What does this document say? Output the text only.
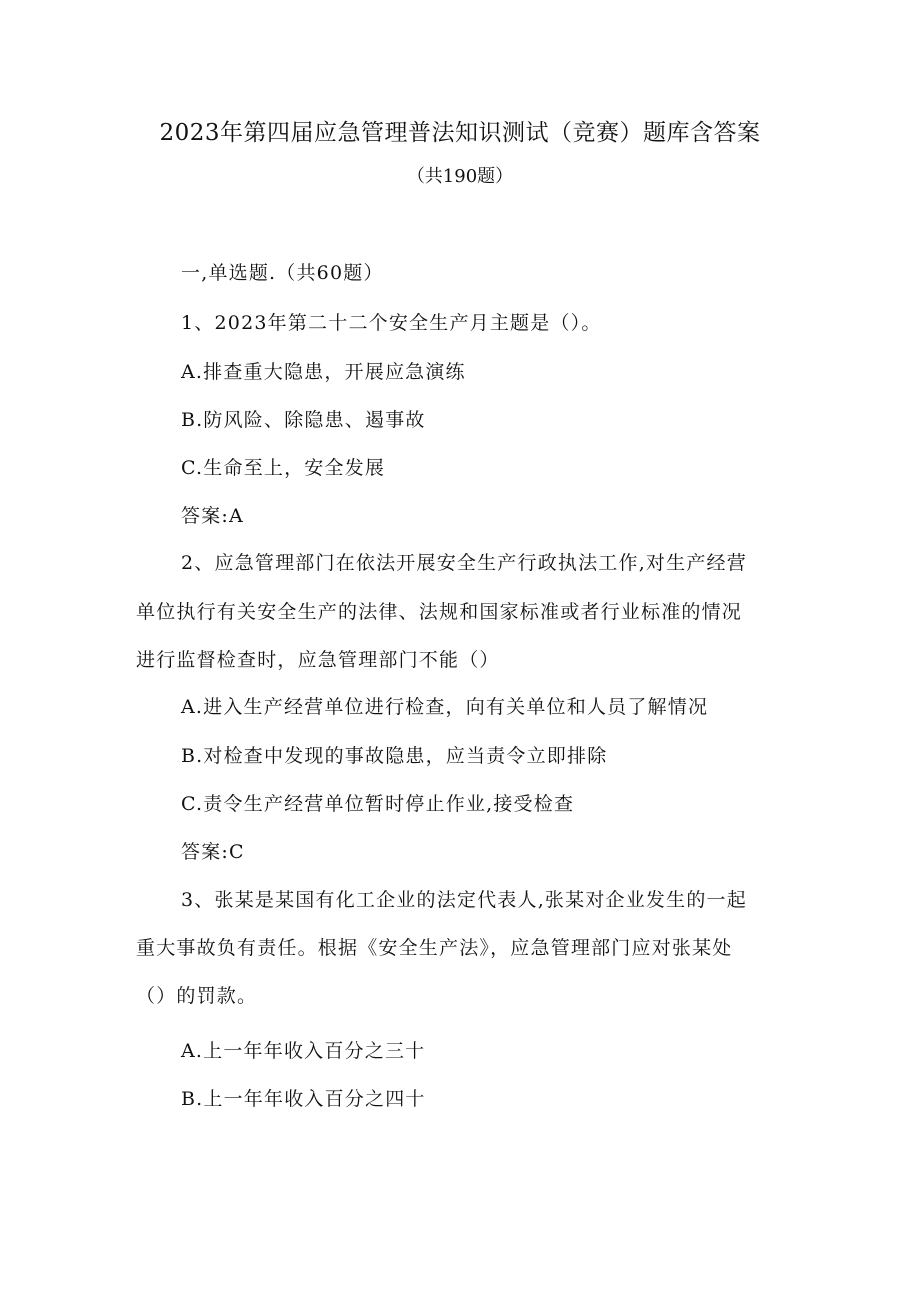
2023年第四届应急管理普法知识测试（竞赛）题库含答案
（共190题）
一,单选题.（共60题）
1、2023年第二十二个安全生产月主题是（）。
A.排查重大隐患，开展应急演练
B.防风险、除隐患、遏事故
C.生命至上，安全发展
答案:A
2、应急管理部门在依法开展安全生产行政执法工作,对生产经营
单位执行有关安全生产的法律、法规和国家标准或者行业标准的情况
进行监督检查时，应急管理部门不能（）
A.进入生产经营单位进行检查，向有关单位和人员了解情况
B.对检查中发现的事故隐患，应当责令立即排除
C.责令生产经营单位暂时停止作业,接受检查
答案:C
3、张某是某国有化工企业的法定代表人,张某对企业发生的一起
重大事故负有责任。根据《安全生产法》，应急管理部门应对张某处
（）的罚款。
A.上一年年收入百分之三十
B.上一年年收入百分之四十
